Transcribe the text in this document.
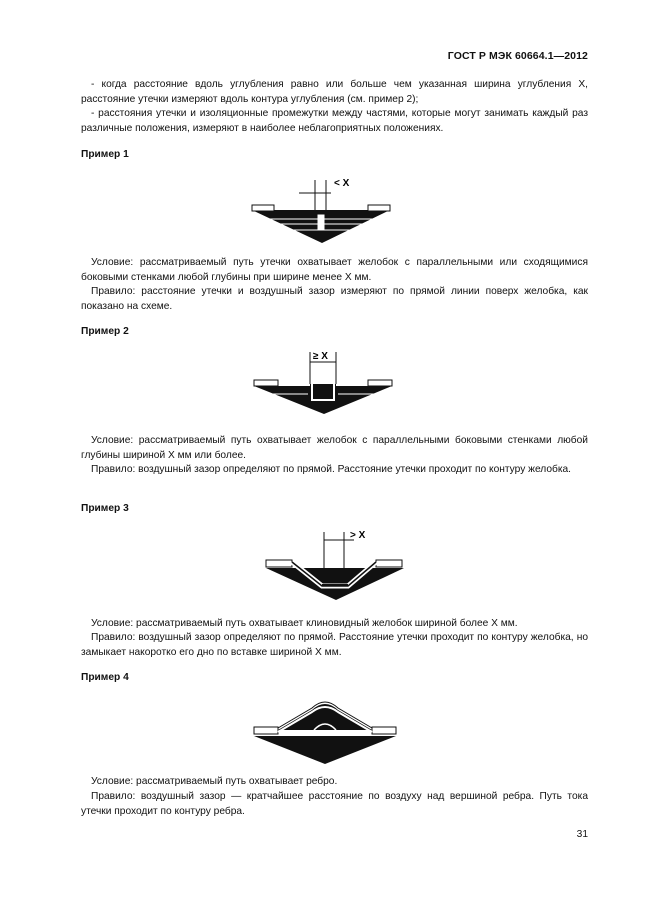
ГОСТ Р МЭК 60664.1—2012
- когда расстояние вдоль углубления равно или больше чем указанная ширина углубления X, расстояние утечки измеряют вдоль контура углубления (см. пример 2);
- расстояния утечки и изоляционные промежутки между частями, которые могут занимать каждый раз различные положения, измеряют в наиболее неблагоприятных положениях.
Пример 1
< X
Условие: рассматриваемый путь утечки охватывает желобок с параллельными или сходящимися боковыми стенками любой глубины при ширине менее X мм.
Правило: расстояние утечки и воздушный зазор измеряют по прямой линии поверх желобка, как показано на схеме.
Пример 2
≥ X
Условие: рассматриваемый путь охватывает желобок с параллельными боковыми стенками любой глубины шириной X мм или более.
Правило: воздушный зазор определяют по прямой. Расстояние утечки проходит по контуру желобка.
Пример 3
> X
Условие: рассматриваемый путь охватывает клиновидный желобок шириной более X мм.
Правило: воздушный зазор определяют по прямой. Расстояние утечки проходит по контуру желобка, но замыкает накоротко его дно по вставке шириной X мм.
Пример 4
Условие: рассматриваемый путь охватывает ребро.
Правило: воздушный зазор — кратчайшее расстояние по воздуху над вершиной ребра. Путь тока утечки проходит по контуру ребра.
31
